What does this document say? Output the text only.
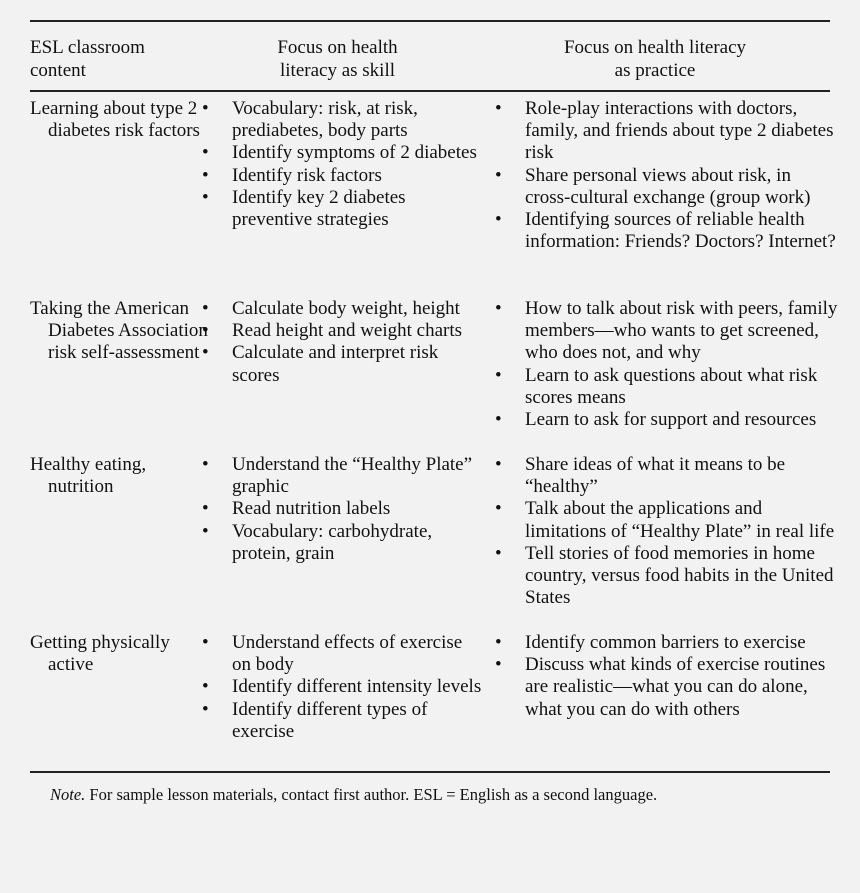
ESL classroom
content
Focus on health
literacy as skill
Focus on health literacy
as practice
Learning about type 2 diabetes risk factors
• Vocabulary: risk, at risk, prediabetes, body parts
• Identify symptoms of 2 diabetes
• Identify risk factors
• Identify key 2 diabetes preventive strategies
• Role-play interactions with doctors, family, and friends about type 2 diabetes risk
• Share personal views about risk, in cross-cultural exchange (group work)
• Identifying sources of reliable health information: Friends? Doctors? Internet?
Taking the American Diabetes Association risk self-assessment
• Calculate body weight, height
• Read height and weight charts
• Calculate and interpret risk scores
• How to talk about risk with peers, family members—who wants to get screened, who does not, and why
• Learn to ask questions about what risk scores means
• Learn to ask for support and resources
Healthy eating, nutrition
• Understand the “Healthy Plate” graphic
• Read nutrition labels
• Vocabulary: carbohydrate, protein, grain
• Share ideas of what it means to be “healthy”
• Talk about the applications and limitations of “Healthy Plate” in real life
• Tell stories of food memories in home country, versus food habits in the United States
Getting physically active
• Understand effects of exercise on body
• Identify different intensity levels
• Identify different types of exercise
• Identify common barriers to exercise
• Discuss what kinds of exercise routines are realistic—what you can do alone, what you can do with others
Note. For sample lesson materials, contact first author. ESL = English as a second language.
